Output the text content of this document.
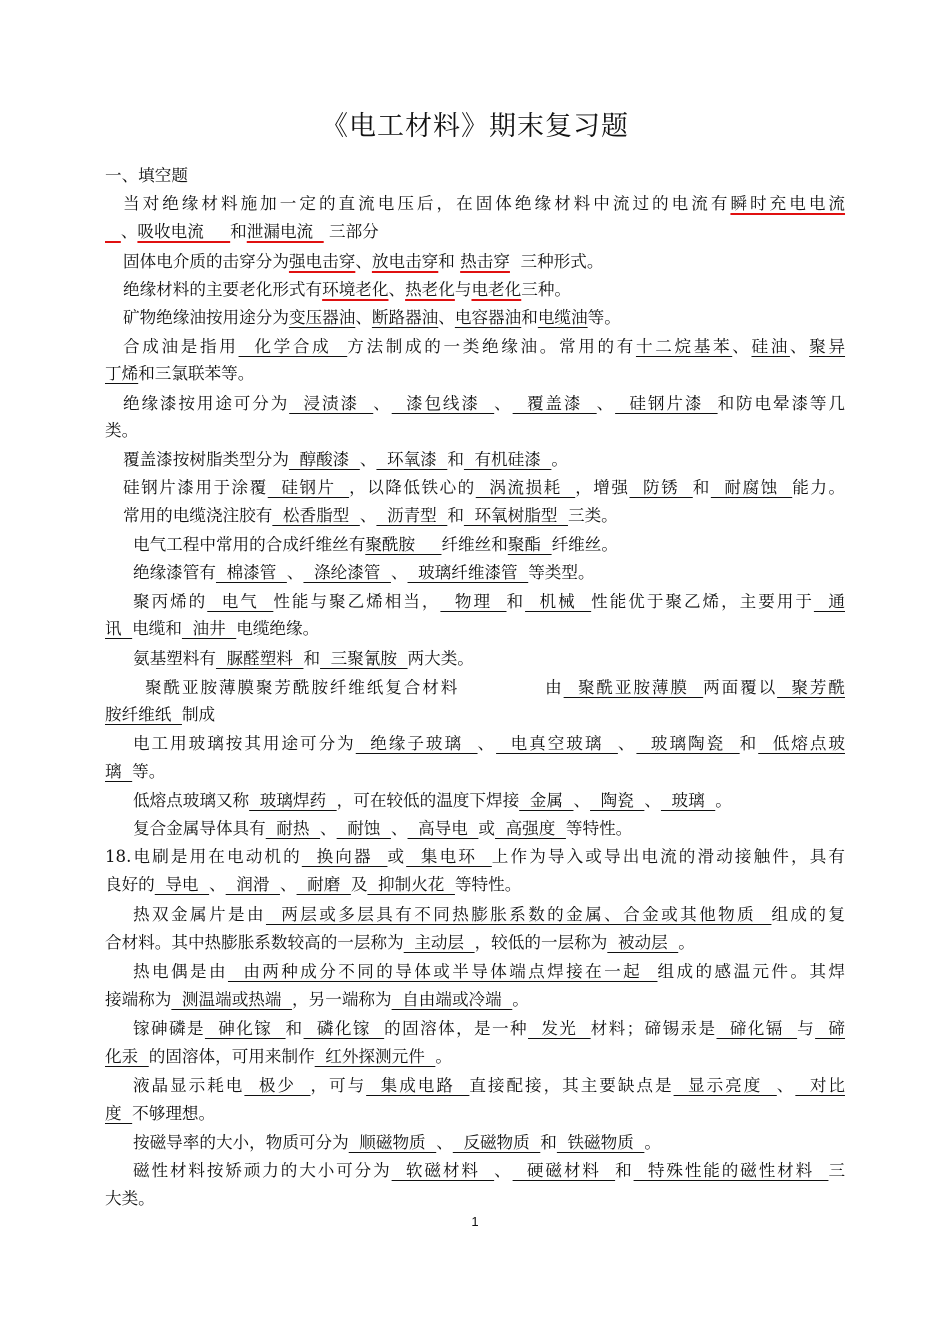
《电工材料》期末复习题
一、填空题
当对绝缘材料施加一定的直流电压后，在固体绝缘材料中流过的电流有瞬时充电电流
、吸收电流     和泄漏电流   三部分
固体电介质的击穿分为强电击穿、放电击穿和 热击穿  三种形式。
绝缘材料的主要老化形式有环境老化、热老化与电老化三种。
矿物绝缘油按用途分为变压器油、断路器油、电容器油和电缆油等。
合成油是指用  化学合成  方法制成的一类绝缘油。常用的有十二烷基苯、硅油、聚异
丁烯和三氯联苯等。
绝缘漆按用途可分为  浸渍漆  、  漆包线漆  、  覆盖漆  、  硅钢片漆  和防电晕漆等几
类。
覆盖漆按树脂类型分为  醇酸漆  、  环氧漆  和  有机硅漆  。
硅钢片漆用于涂覆  硅钢片  ，以降低铁心的  涡流损耗  ，增强  防锈  和  耐腐蚀  能力。
常用的电缆浇注胶有  松香脂型  、  沥青型  和  环氧树脂型  三类。
电气工程中常用的合成纤维丝有聚酰胺     纤维丝和聚酯  纤维丝。
绝缘漆管有  棉漆管  、  涤纶漆管  、  玻璃纤维漆管  等类型。
聚丙烯的  电气  性能与聚乙烯相当，  物理  和  机械  性能优于聚乙烯，主要用于  通
讯  电缆和  油井  电缆绝缘。
氨基塑料有  脲醛塑料  和  三聚氰胺  两大类。
聚酰亚胺薄膜聚芳酰胺纤维纸复合材料            由  聚酰亚胺薄膜  两面覆以  聚芳酰
胺纤维纸  制成
电工用玻璃按其用途可分为  绝缘子玻璃  、  电真空玻璃  、  玻璃陶瓷  和  低熔点玻
璃  等。
低熔点玻璃又称  玻璃焊药  ，可在较低的温度下焊接  金属  、  陶瓷  、  玻璃  。
复合金属导体具有  耐热  、  耐蚀  、  高导电  或  高强度  等特性。
18.电刷是用在电动机的  换向器  或  集电环  上作为导入或导出电流的滑动接触件，具有
良好的  导电  、  润滑  、  耐磨  及  抑制火花  等特性。
热双金属片是由  两层或多层具有不同热膨胀系数的金属、合金或其他物质  组成的复
合材料。其中热膨胀系数较高的一层称为  主动层  ，较低的一层称为  被动层  。
热电偶是由  由两种成分不同的导体或半导体端点焊接在一起  组成的感温元件。其焊
接端称为  测温端或热端  ，另一端称为  自由端或冷端  。
镓砷磷是  砷化镓  和  磷化镓  的固溶体，是一种  发光  材料；碲锡汞是  碲化镉  与  碲
化汞  的固溶体，可用来制作  红外探测元件  。
液晶显示耗电  极少  ，可与  集成电路  直接配接，其主要缺点是  显示亮度  、  对比
度  不够理想。
按磁导率的大小，物质可分为  顺磁物质  、  反磁物质  和  铁磁物质  。
磁性材料按矫顽力的大小可分为  软磁材料  、  硬磁材料  和  特殊性能的磁性材料  三
大类。
1
